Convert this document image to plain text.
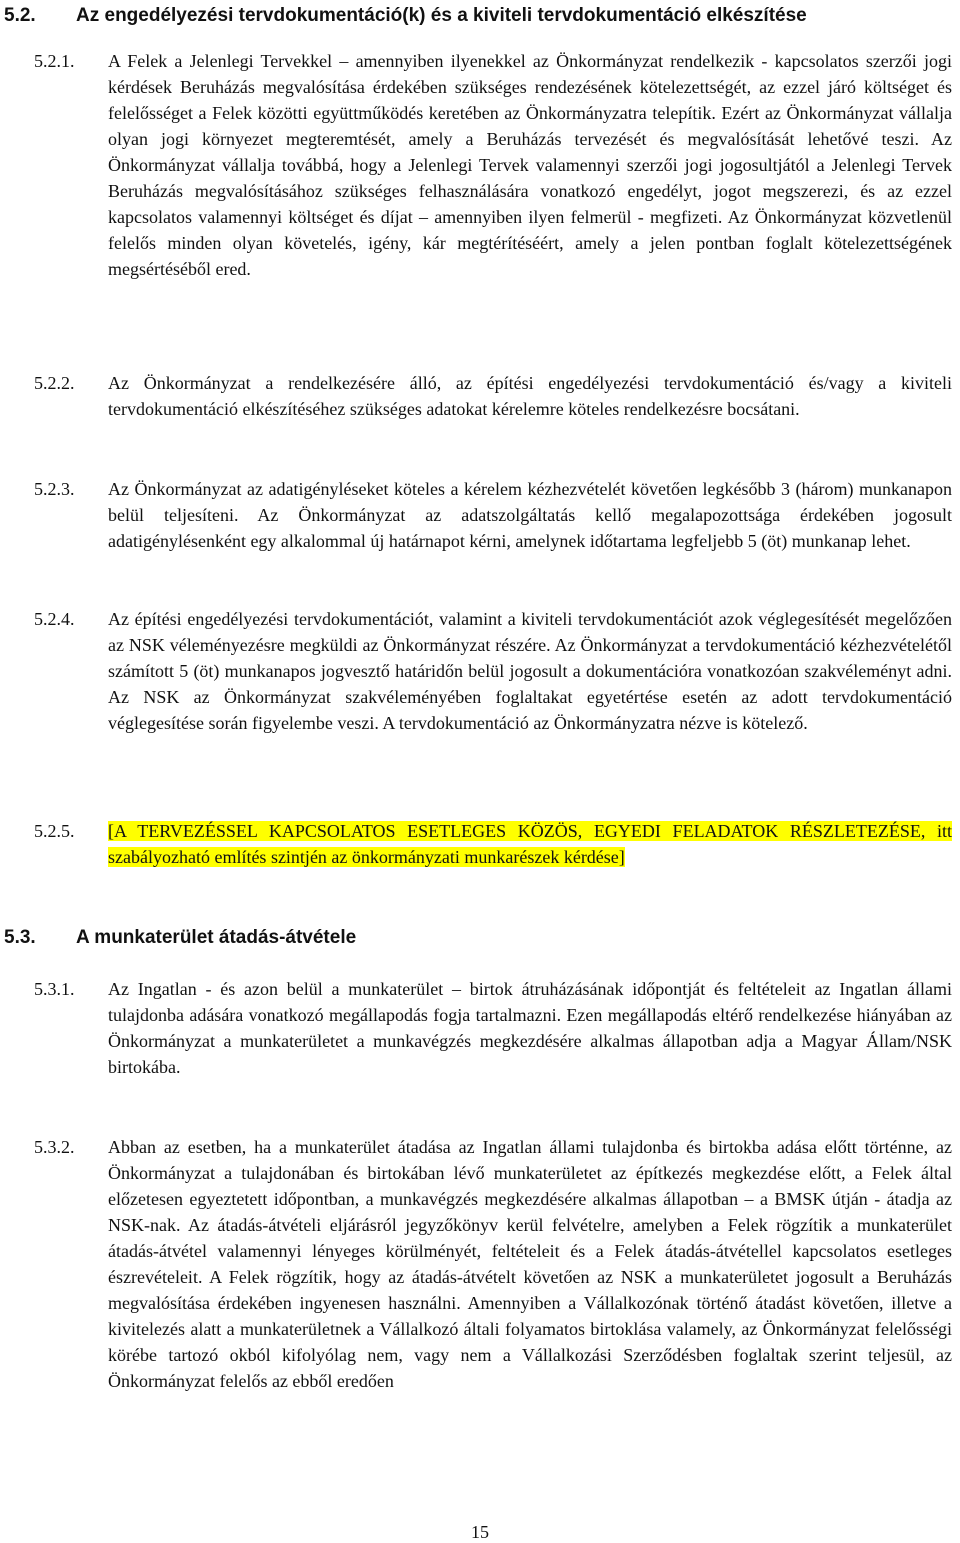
5.2. Az engedélyezési tervdokumentáció(k) és a kiviteli tervdokumentáció elkészítése
5.2.1. A Felek a Jelenlegi Tervekkel – amennyiben ilyenekkel az Önkormányzat rendelkezik - kapcsolatos szerzői jogi kérdések Beruházás megvalósítása érdekében szükséges rendezésének kötelezettségét, az ezzel járó költséget és felelősséget a Felek közötti együttműködés keretében az Önkormányzatra telepítik. Ezért az Önkormányzat vállalja olyan jogi környezet megteremtését, amely a Beruházás tervezését és megvalósítását lehetővé teszi. Az Önkormányzat vállalja továbbá, hogy a Jelenlegi Tervek valamennyi szerzői jogi jogosultjától a Jelenlegi Tervek Beruházás megvalósításához szükséges felhasználására vonatkozó engedélyt, jogot megszerezi, és az ezzel kapcsolatos valamennyi költséget és díjat – amennyiben ilyen felmerül - megfizeti. Az Önkormányzat közvetlenül felelős minden olyan követelés, igény, kár megtérítéséért, amely a jelen pontban foglalt kötelezettségének megsértéséből ered.
5.2.2. Az Önkormányzat a rendelkezésére álló, az építési engedélyezési tervdokumentáció és/vagy a kiviteli tervdokumentáció elkészítéséhez szükséges adatokat kérelemre köteles rendelkezésre bocsátani.
5.2.3. Az Önkormányzat az adatigényléseket köteles a kérelem kézhezvételét követően legkésőbb 3 (három) munkanapon belül teljesíteni. Az Önkormányzat az adatszolgáltatás kellő megalapozottsága érdekében jogosult adatigénylésenként egy alkalommal új határnapot kérni, amelynek időtartama legfeljebb 5 (öt) munkanap lehet.
5.2.4. Az építési engedélyezési tervdokumentációt, valamint a kiviteli tervdokumentációt azok véglegesítését megelőzően az NSK véleményezésre megküldi az Önkormányzat részére. Az Önkormányzat a tervdokumentáció kézhezvételétől számított 5 (öt) munkanapos jogvesztő határidőn belül jogosult a dokumentációra vonatkozóan szakvéleményt adni. Az NSK az Önkormányzat szakvéleményében foglaltakat egyetértése esetén az adott tervdokumentáció véglegesítése során figyelembe veszi. A tervdokumentáció az Önkormányzatra nézve is kötelező.
5.2.5. [A TERVEZÉSSEL KAPCSOLATOS ESETLEGES KÖZÖS, EGYEDI FELADATOK RÉSZLETEZÉSE, itt szabályozható említés szintjén az önkormányzati munkarészek kérdése]
5.3. A munkaterület átadás-átvétele
5.3.1. Az Ingatlan - és azon belül a munkaterület – birtok átruházásának időpontját és feltételeit az Ingatlan állami tulajdonba adására vonatkozó megállapodás fogja tartalmazni. Ezen megállapodás eltérő rendelkezése hiányában az Önkormányzat a munkaterületet a munkavégzés megkezdésére alkalmas állapotban adja a Magyar Állam/NSK birtokába.
5.3.2. Abban az esetben, ha a munkaterület átadása az Ingatlan állami tulajdonba és birtokba adása előtt történne, az Önkormányzat a tulajdonában és birtokában lévő munkaterületet az építkezés megkezdése előtt, a Felek által előzetesen egyeztetett időpontban, a munkavégzés megkezdésére alkalmas állapotban – a BMSK útján - átadja az NSK-nak. Az átadás-átvételi eljárásról jegyzőkönyv kerül felvételre, amelyben a Felek rögzítik a munkaterület átadás-átvétel valamennyi lényeges körülményét, feltételeit és a Felek átadás-átvétellel kapcsolatos esetleges észrevételeit. A Felek rögzítik, hogy az átadás-átvételt követően az NSK a munkaterületet jogosult a Beruházás megvalósítása érdekében ingyenesen használni. Amennyiben a Vállalkozónak történő átadást követően, illetve a kivitelezés alatt a munkaterületnek a Vállalkozó általi folyamatos birtoklása valamely, az Önkormányzat felelősségi körébe tartozó okból kifolyólag nem, vagy nem a Vállalkozási Szerződésben foglaltak szerint teljesül, az Önkormányzat felelős az ebből eredően
15
